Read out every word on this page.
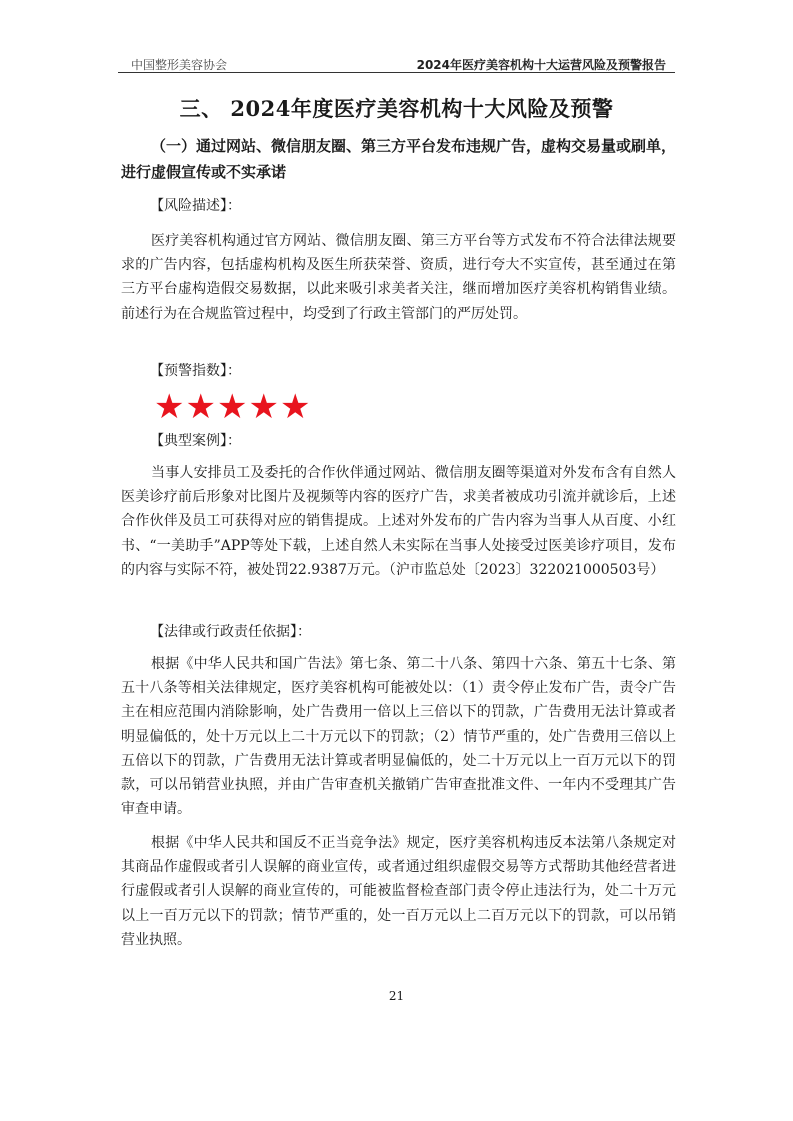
中国整形美容协会	2024年医疗美容机构十大运营风险及预警报告
三、 2024年度医疗美容机构十大风险及预警
（一）通过网站、微信朋友圈、第三方平台发布违规广告，虚构交易量或刷单，进行虚假宣传或不实承诺
【风险描述】：
医疗美容机构通过官方网站、微信朋友圈、第三方平台等方式发布不符合法律法规要求的广告内容，包括虚构机构及医生所获荣誉、资质，进行夸大不实宣传，甚至通过在第三方平台虚构造假交易数据，以此来吸引求美者关注，继而增加医疗美容机构销售业绩。前述行为在合规监管过程中，均受到了行政主管部门的严厉处罚。
【预警指数】：
★ ★ ★ ★ ★
【典型案例】：
当事人安排员工及委托的合作伙伴通过网站、微信朋友圈等渠道对外发布含有自然人医美诊疗前后形象对比图片及视频等内容的医疗广告，求美者被成功引流并就诊后，上述合作伙伴及员工可获得对应的销售提成。上述对外发布的广告内容为当事人从百度、小红书、“一美助手”APP等处下载，上述自然人未实际在当事人处接受过医美诊疗项目，发布的内容与实际不符，被处罚22.9387万元。（沪市监总处〔2023〕322021000503号）
【法律或行政责任依据】：
根据《中华人民共和国广告法》第七条、第二十八条、第四十六条、第五十七条、第五十八条等相关法律规定，医疗美容机构可能被处以：（1）责令停止发布广告，责令广告主在相应范围内消除影响，处广告费用一倍以上三倍以下的罚款，广告费用无法计算或者明显偏低的，处十万元以上二十万元以下的罚款；（2）情节严重的，处广告费用三倍以上五倍以下的罚款，广告费用无法计算或者明显偏低的，处二十万元以上一百万元以下的罚款，可以吊销营业执照，并由广告审查机关撤销广告审查批准文件、一年内不受理其广告审查申请。
根据《中华人民共和国反不正当竞争法》规定，医疗美容机构违反本法第八条规定对其商品作虚假或者引人误解的商业宣传，或者通过组织虚假交易等方式帮助其他经营者进行虚假或者引人误解的商业宣传的，可能被监督检查部门责令停止违法行为，处二十万元以上一百万元以下的罚款；情节严重的，处一百万元以上二百万元以下的罚款，可以吊销营业执照。
21
